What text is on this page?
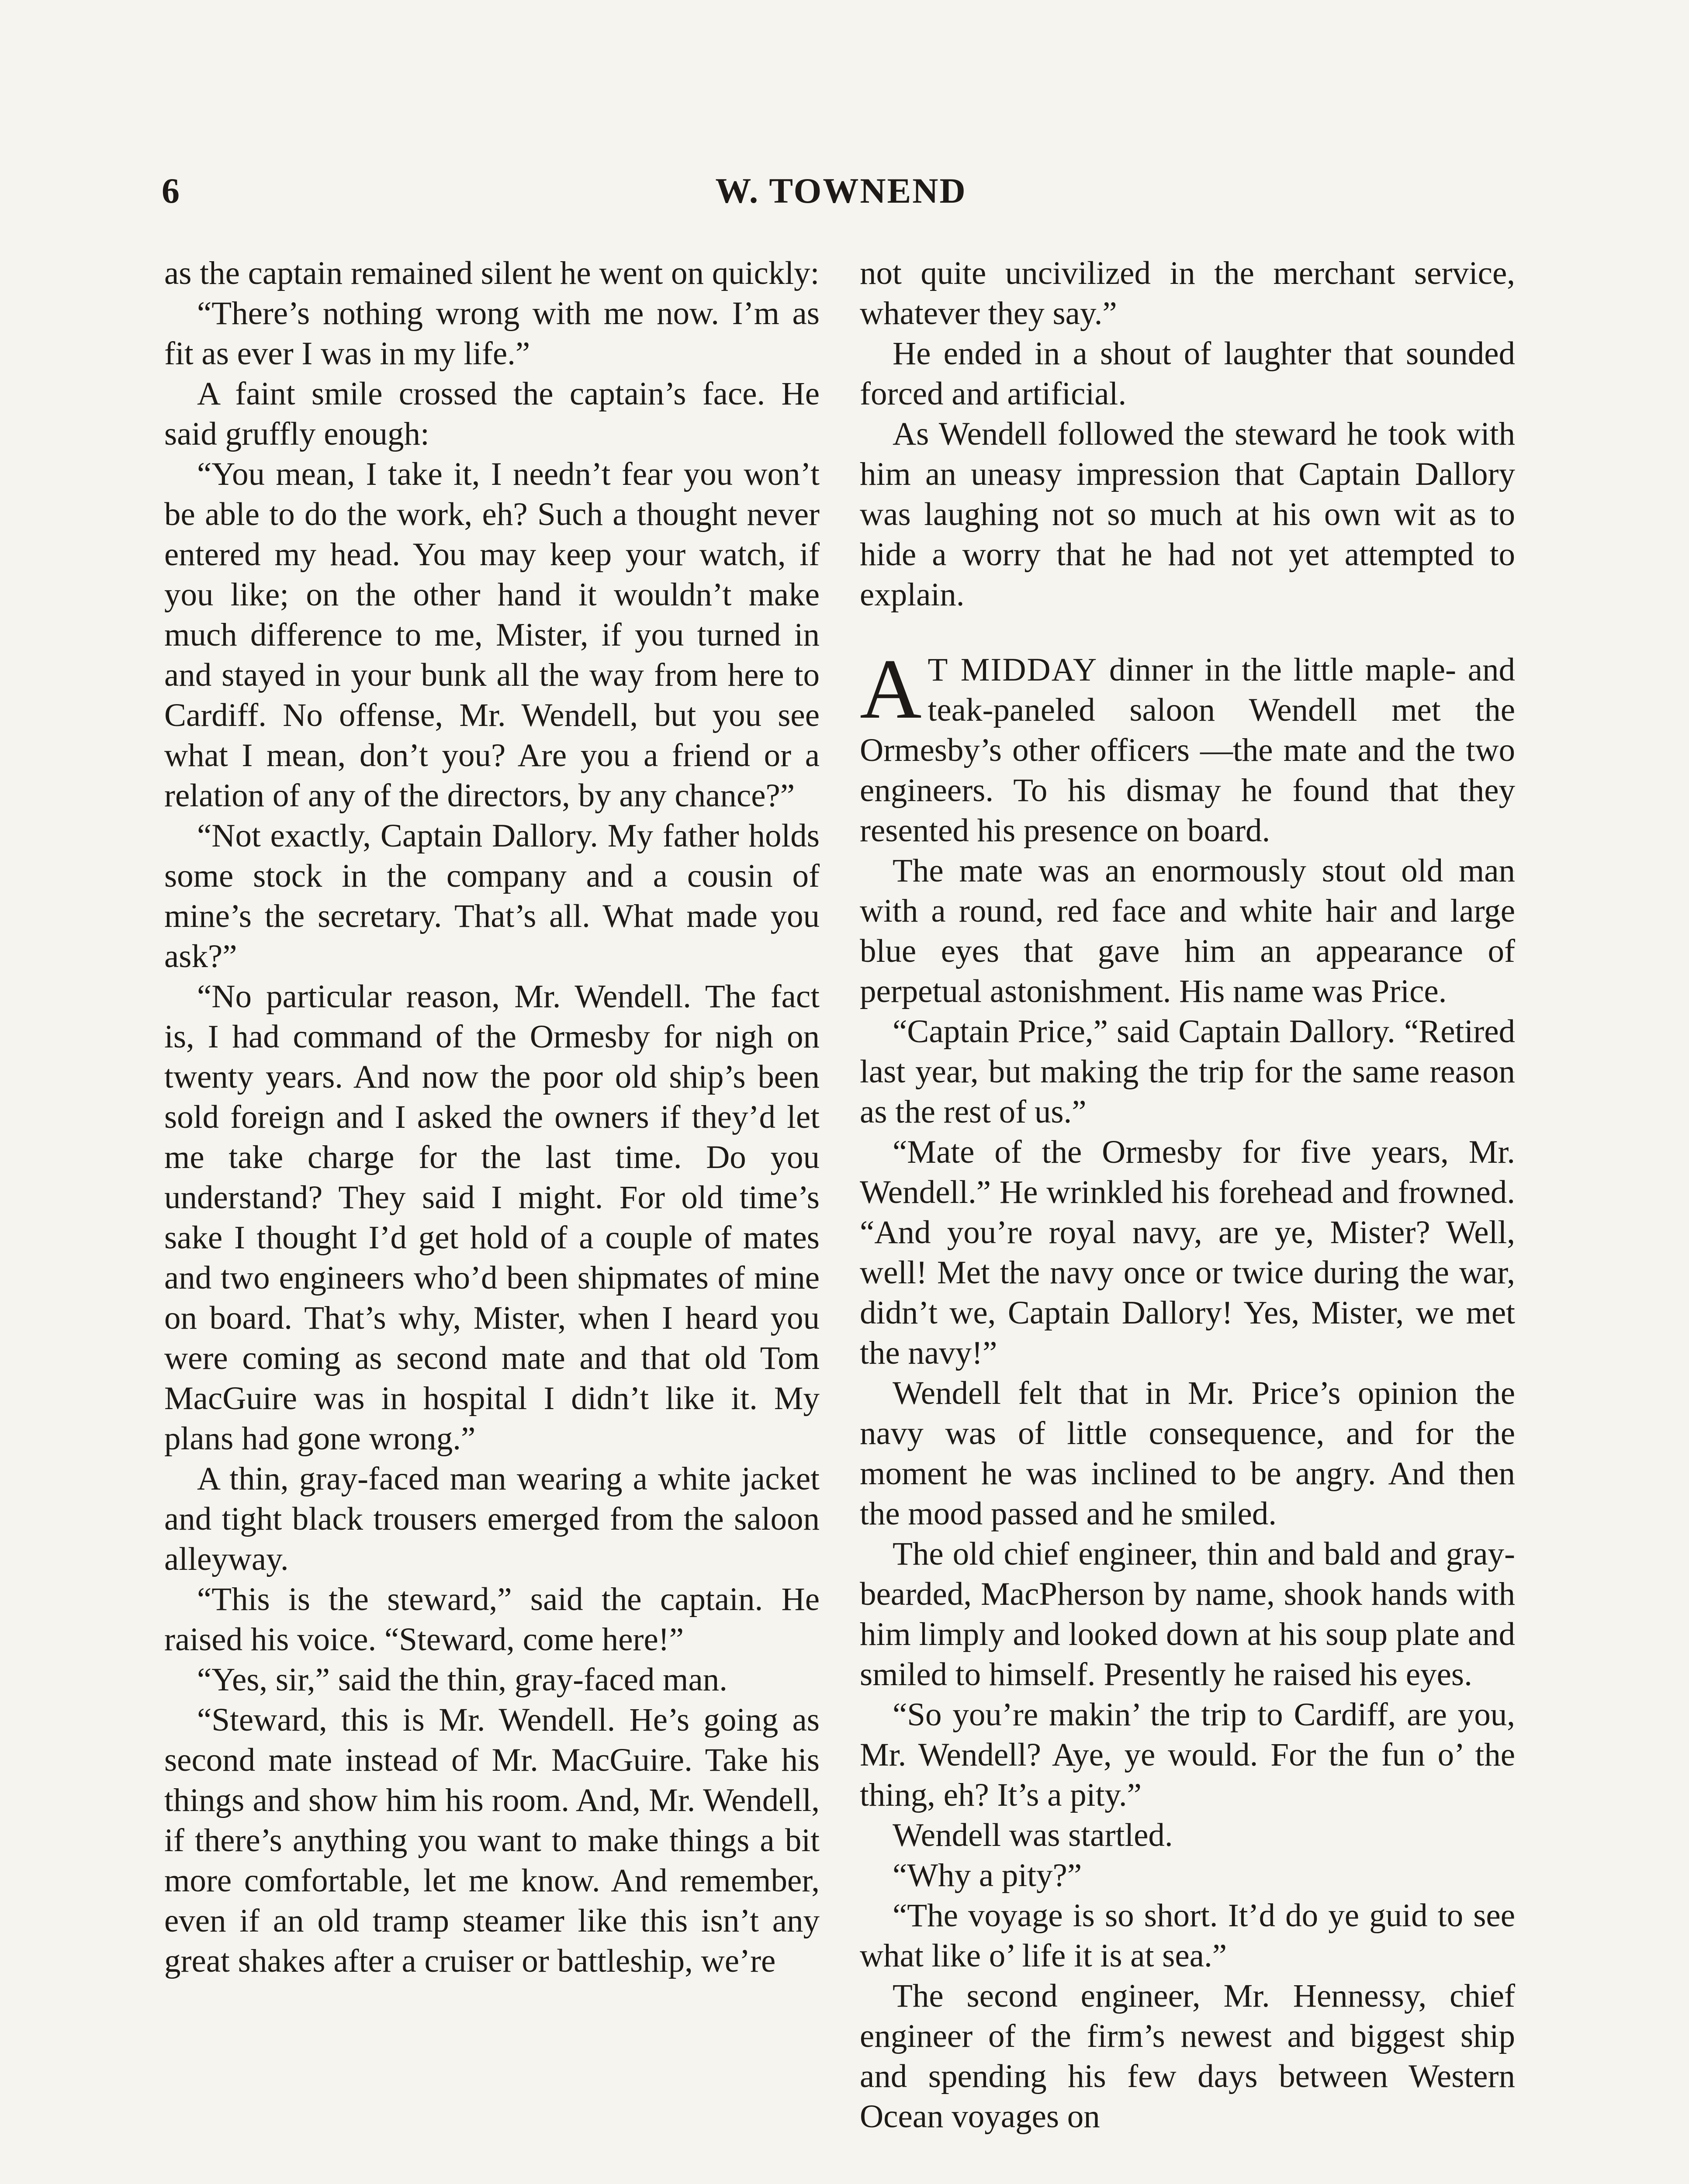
6	W. TOWNEND

as the captain remained silent he went on quickly:

“There’s nothing wrong with me now. I’m as fit as ever I was in my life.”

A faint smile crossed the captain’s face. He said gruffly enough:

“You mean, I take it, I needn’t fear you won’t be able to do the work, eh? Such a thought never entered my head. You may keep your watch, if you like; on the other hand it wouldn’t make much difference to me, Mister, if you turned in and stayed in your bunk all the way from here to Cardiff. No offense, Mr. Wendell, but you see what I mean, don’t you? Are you a friend or a relation of any of the directors, by any chance?”

“Not exactly, Captain Dallory. My father holds some stock in the company and a cousin of mine’s the secretary. That’s all. What made you ask?”

“No particular reason, Mr. Wendell. The fact is, I had command of the Ormesby for nigh on twenty years. And now the poor old ship’s been sold foreign and I asked the owners if they’d let me take charge for the last time. Do you understand? They said I might. For old time’s sake I thought I’d get hold of a couple of mates and two engineers who’d been shipmates of mine on board. That’s why, Mister, when I heard you were coming as second mate and that old Tom MacGuire was in hospital I didn’t like it. My plans had gone wrong.”

A thin, gray-faced man wearing a white jacket and tight black trousers emerged from the saloon alleyway.

“This is the steward,” said the captain. He raised his voice. “Steward, come here!”

“Yes, sir,” said the thin, gray-faced man.

“Steward, this is Mr. Wendell. He’s going as second mate instead of Mr. MacGuire. Take his things and show him his room. And, Mr. Wendell, if there’s anything you want to make things a bit more comfortable, let me know. And remember, even if an old tramp steamer like this isn’t any great shakes after a cruiser or battleship, we’re

not quite uncivilized in the merchant service, whatever they say.”

He ended in a shout of laughter that sounded forced and artificial.

As Wendell followed the steward he took with him an uneasy impression that Captain Dallory was laughing not so much at his own wit as to hide a worry that he had not yet attempted to explain.

A T MIDDAY dinner in the little maple- and teak-paneled saloon Wendell met the Ormesby’s other officers —the mate and the two engineers. To his dismay he found that they resented his presence on board.

The mate was an enormously stout old man with a round, red face and white hair and large blue eyes that gave him an appearance of perpetual astonishment. His name was Price.

“Captain Price,” said Captain Dallory. “Retired last year, but making the trip for the same reason as the rest of us.”

“Mate of the Ormesby for five years, Mr. Wendell.” He wrinkled his forehead and frowned. “And you’re royal navy, are ye, Mister? Well, well! Met the navy once or twice during the war, didn’t we, Captain Dallory! Yes, Mister, we met the navy!”

Wendell felt that in Mr. Price’s opinion the navy was of little consequence, and for the moment he was inclined to be angry. And then the mood passed and he smiled.

The old chief engineer, thin and bald and gray-bearded, MacPherson by name, shook hands with him limply and looked down at his soup plate and smiled to himself. Presently he raised his eyes.

“So you’re makin’ the trip to Cardiff, are you, Mr. Wendell? Aye, ye would. For the fun o’ the thing, eh? It’s a pity.”

Wendell was startled.

“Why a pity?”

“The voyage is so short. It’d do ye guid to see what like o’ life it is at sea.”

The second engineer, Mr. Hennessy, chief engineer of the firm’s newest and biggest ship and spending his few days between Western Ocean voyages on
